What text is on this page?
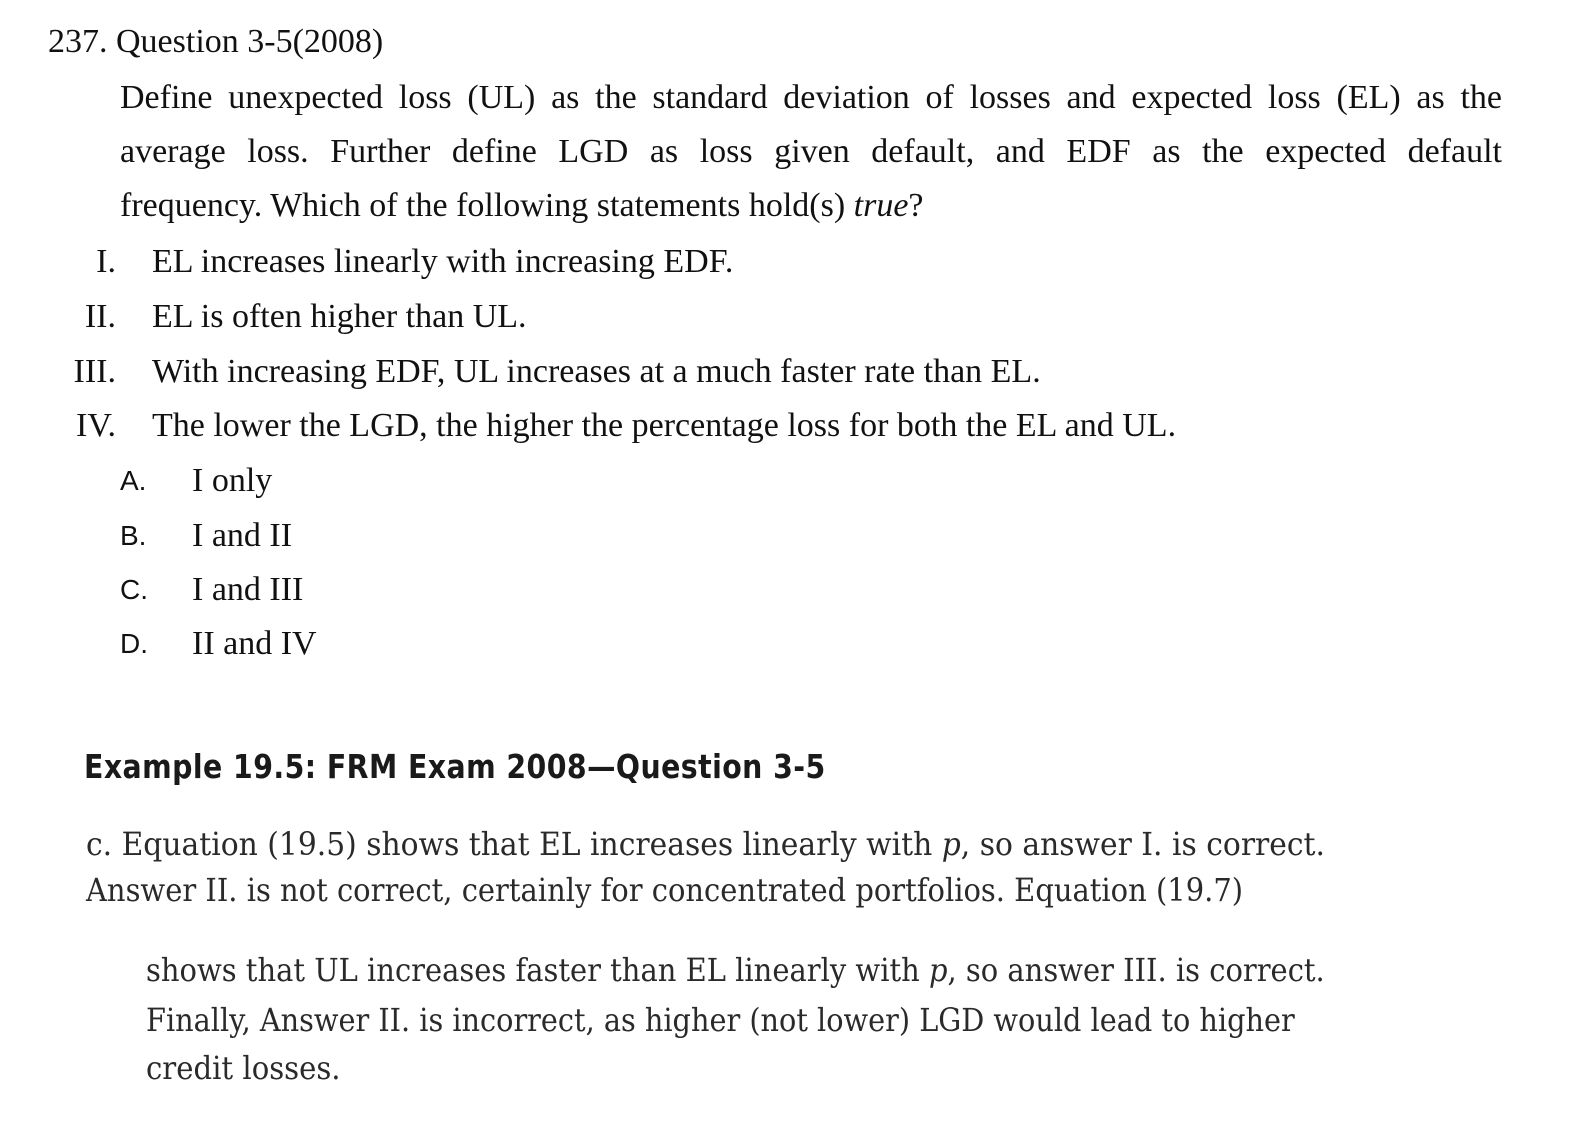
237. Question 3-5(2008)
Define unexpected loss (UL) as the standard deviation of losses and expected loss (EL) as the
average loss. Further define LGD as loss given default, and EDF as the expected default
frequency. Which of the following statements hold(s) true?
I. EL increases linearly with increasing EDF.
II. EL is often higher than UL.
III. With increasing EDF, UL increases at a much faster rate than EL.
IV. The lower the LGD, the higher the percentage loss for both the EL and UL.
A.	I only
B.	I and II
C.	I and III
D.	II and IV
Example 19.5: FRM Exam 2008—Question 3-5
c. Equation (19.5) shows that EL increases linearly with p, so answer I. is correct.
Answer II. is not correct, certainly for concentrated portfolios. Equation (19.7)
shows that UL increases faster than EL linearly with p, so answer III. is correct.
Finally, Answer II. is incorrect, as higher (not lower) LGD would lead to higher
credit losses.
